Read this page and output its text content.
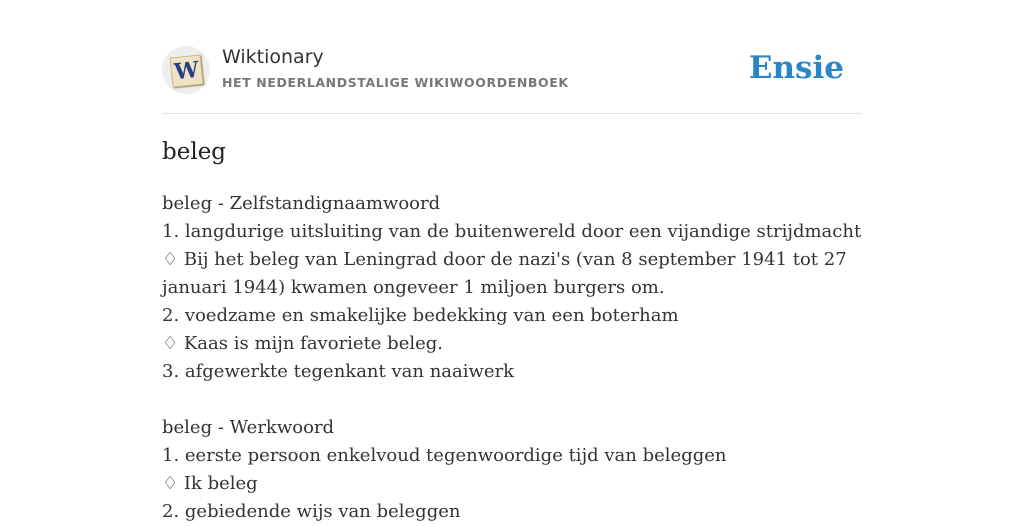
W Wiktionary
HET NEDERLANDSTALIGE WIKIWOORDENBOEK	Ensie
beleg
beleg - Zelfstandignaamwoord
1. langdurige uitsluiting van de buitenwereld door een vijandige strijdmacht
♢ Bij het beleg van Leningrad door de nazi's (van 8 september 1941 tot 27 januari 1944) kwamen ongeveer 1 miljoen burgers om.
2. voedzame en smakelijke bedekking van een boterham
♢ Kaas is mijn favoriete beleg.
3. afgewerkte tegenkant van naaiwerk
beleg - Werkwoord
1. eerste persoon enkelvoud tegenwoordige tijd van beleggen
♢ Ik beleg
2. gebiedende wijs van beleggen
